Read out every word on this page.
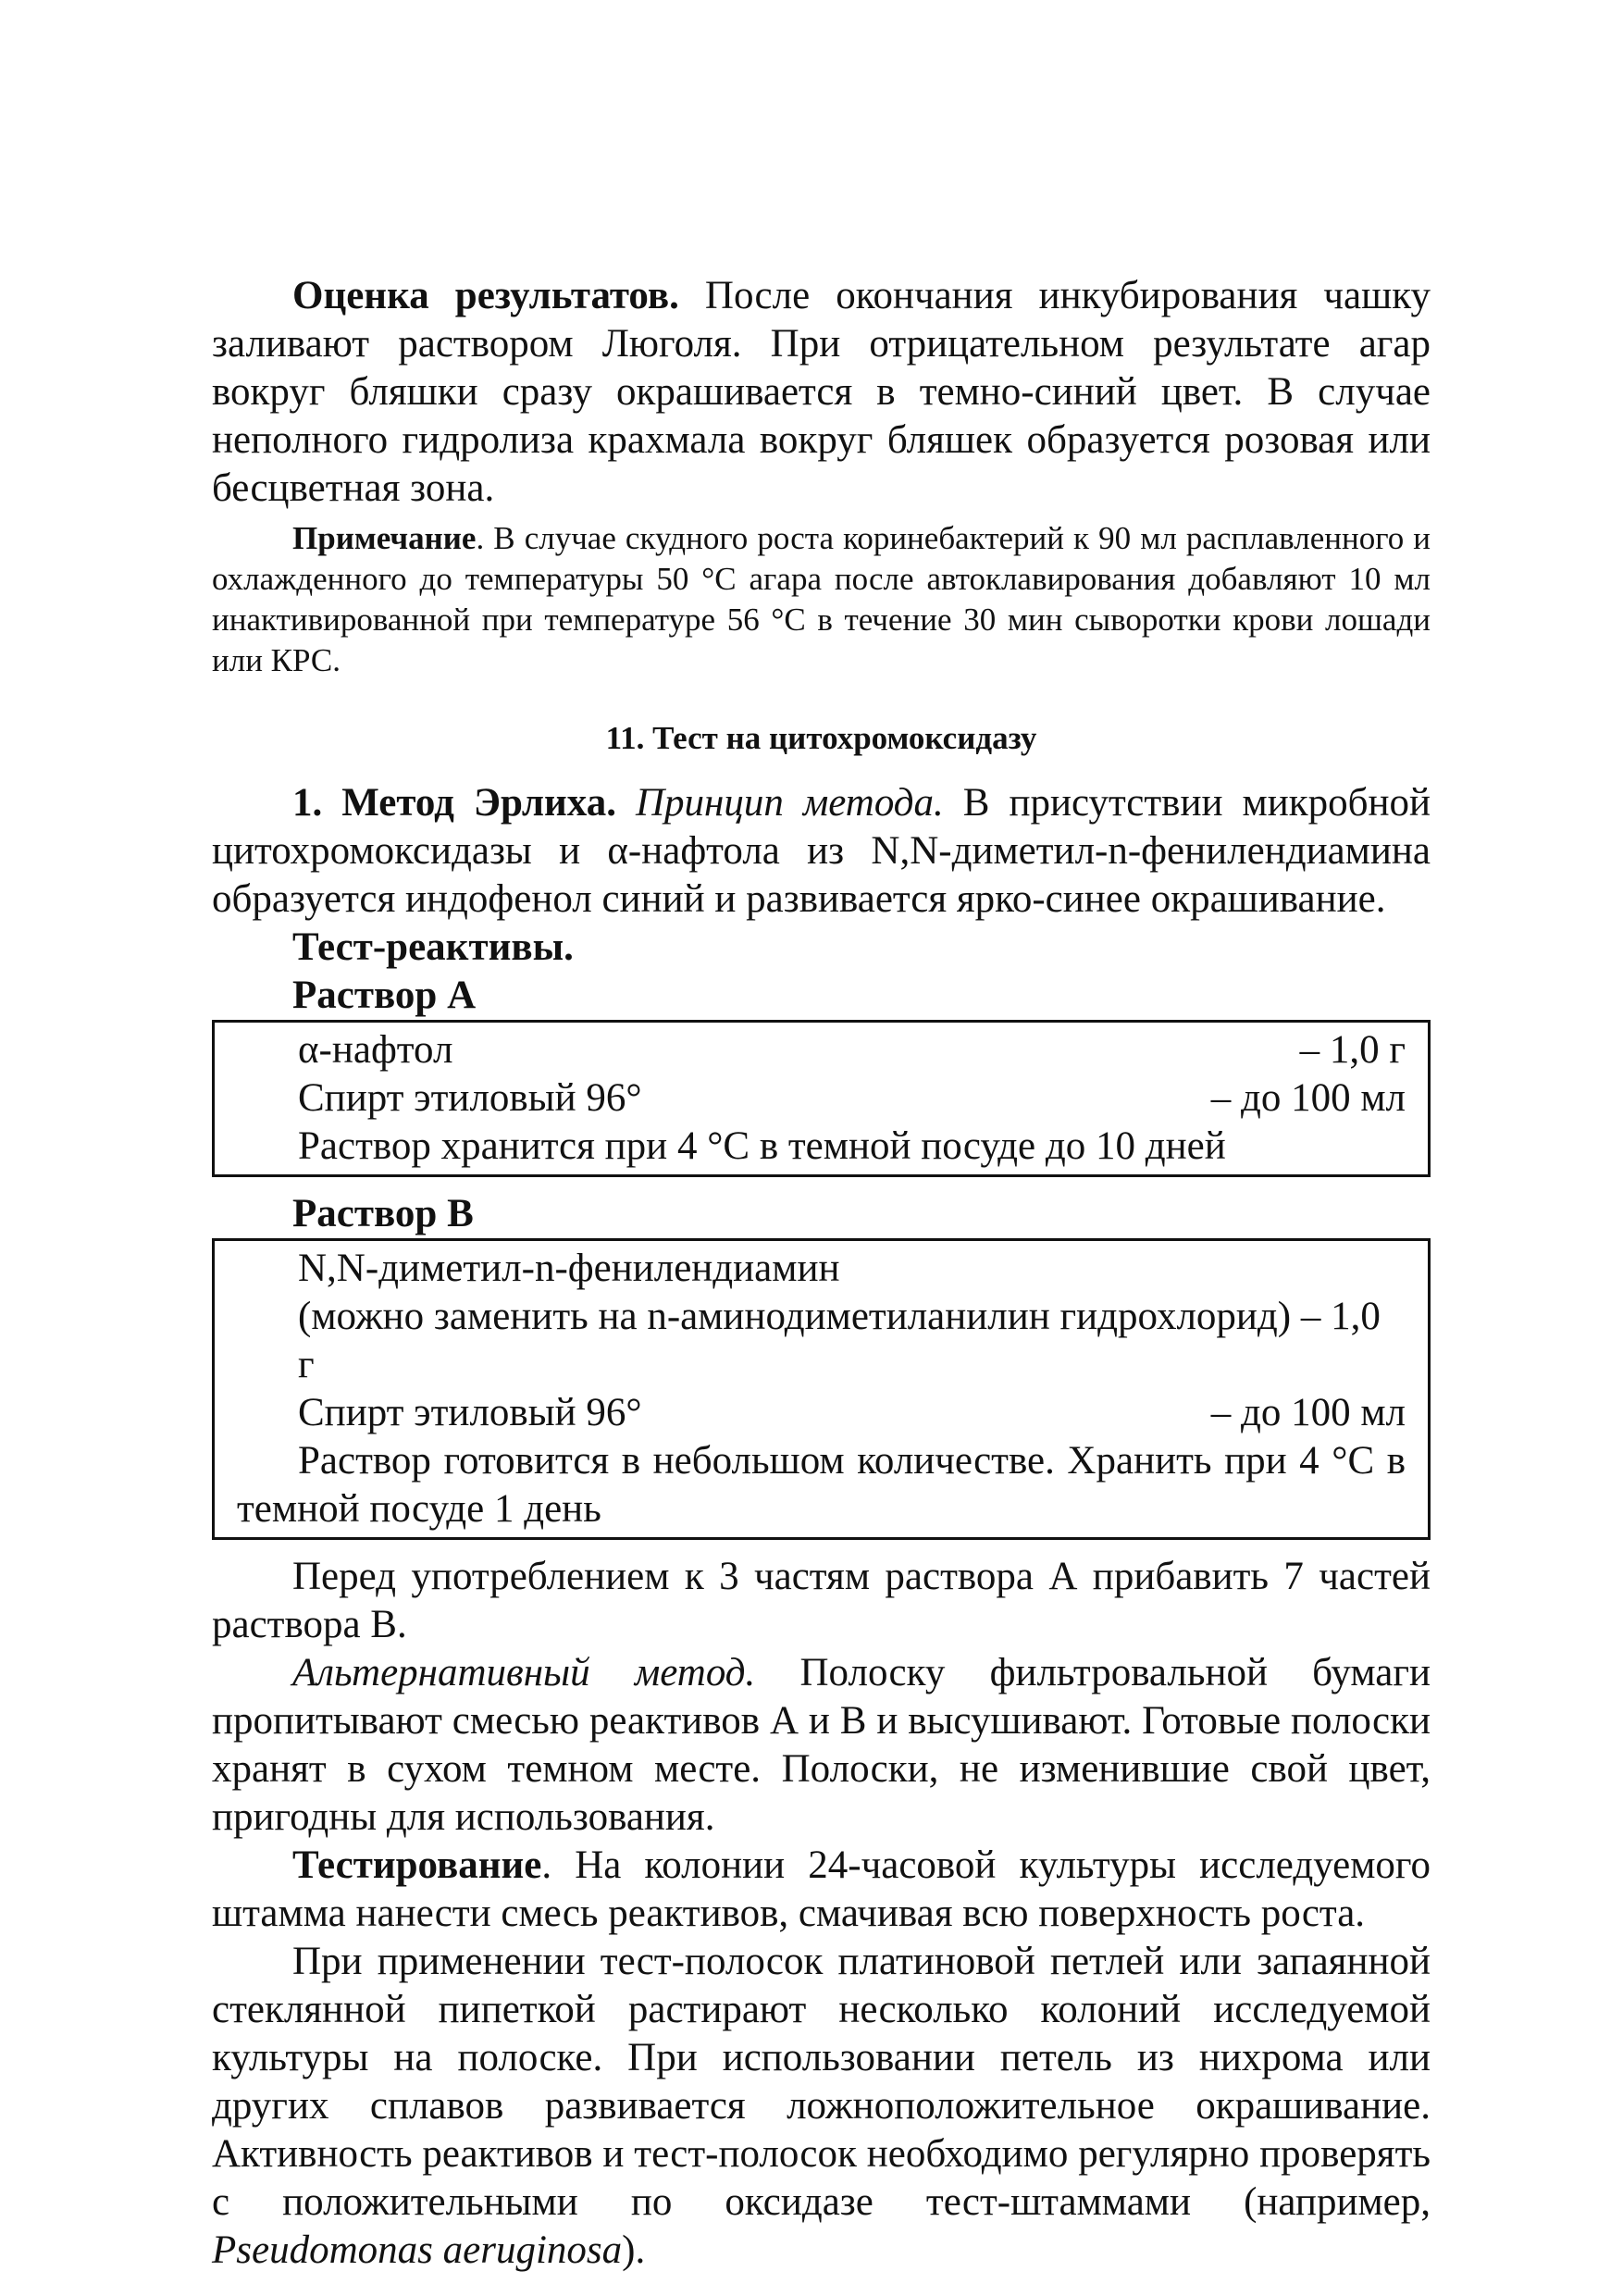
Оценка результатов. После окончания инкубирования чашку заливают раствором Люголя. При отрицательном результате агар вокруг бляшки сразу окрашивается в темно-синий цвет. В случае неполного гидролиза крахмала вокруг бляшек образуется розовая или бесцветная зона.

Примечание. В случае скудного роста коринебактерий к 90 мл расплавленного и охлажденного до температуры 50 °С агара после автоклавирования добавляют 10 мл инактивированной при температуре 56 °С в течение 30 мин сыворотки крови лошади или КРС.

11. Тест на цитохромоксидазу

1. Метод Эрлиха. Принцип метода. В присутствии микробной цитохромоксидазы и α-нафтола из N,N-диметил-n-фенилендиамина образуется индофенол синий и развивается ярко-синее окрашивание.

Тест-реактивы.
Раствор А
α-нафтол	– 1,0 г
Спирт этиловый 96°	– до 100 мл
Раствор хранится при 4 °С в темной посуде до 10 дней
Раствор В
N,N-диметил-n-фенилендиамин
(можно заменить на n-аминодиметиланилин гидрохлорид) – 1,0 г
Спирт этиловый 96°	– до 100 мл

Раствор готовится в небольшом количестве. Хранить при 4 °С в темной посуде 1 день

Перед употреблением к 3 частям раствора А прибавить 7 частей раствора В.

Альтернативный метод. Полоску фильтровальной бумаги пропитывают смесью реактивов А и В и высушивают. Готовые полоски хранят в сухом темном месте. Полоски, не изменившие свой цвет, пригодны для использования.

Тестирование. На колонии 24-часовой культуры исследуемого штамма нанести смесь реактивов, смачивая всю поверхность роста.

При применении тест-полосок платиновой петлей или запаянной стеклянной пипеткой растирают несколько колоний исследуемой культуры на полоске. При использовании петель из нихрома или других сплавов развивается ложноположительное окрашивание. Активность реактивов и тест-полосок необходимо регулярно проверять с положительными по оксидазе тест-штаммами (например, Pseudomonas aeruginosa).
